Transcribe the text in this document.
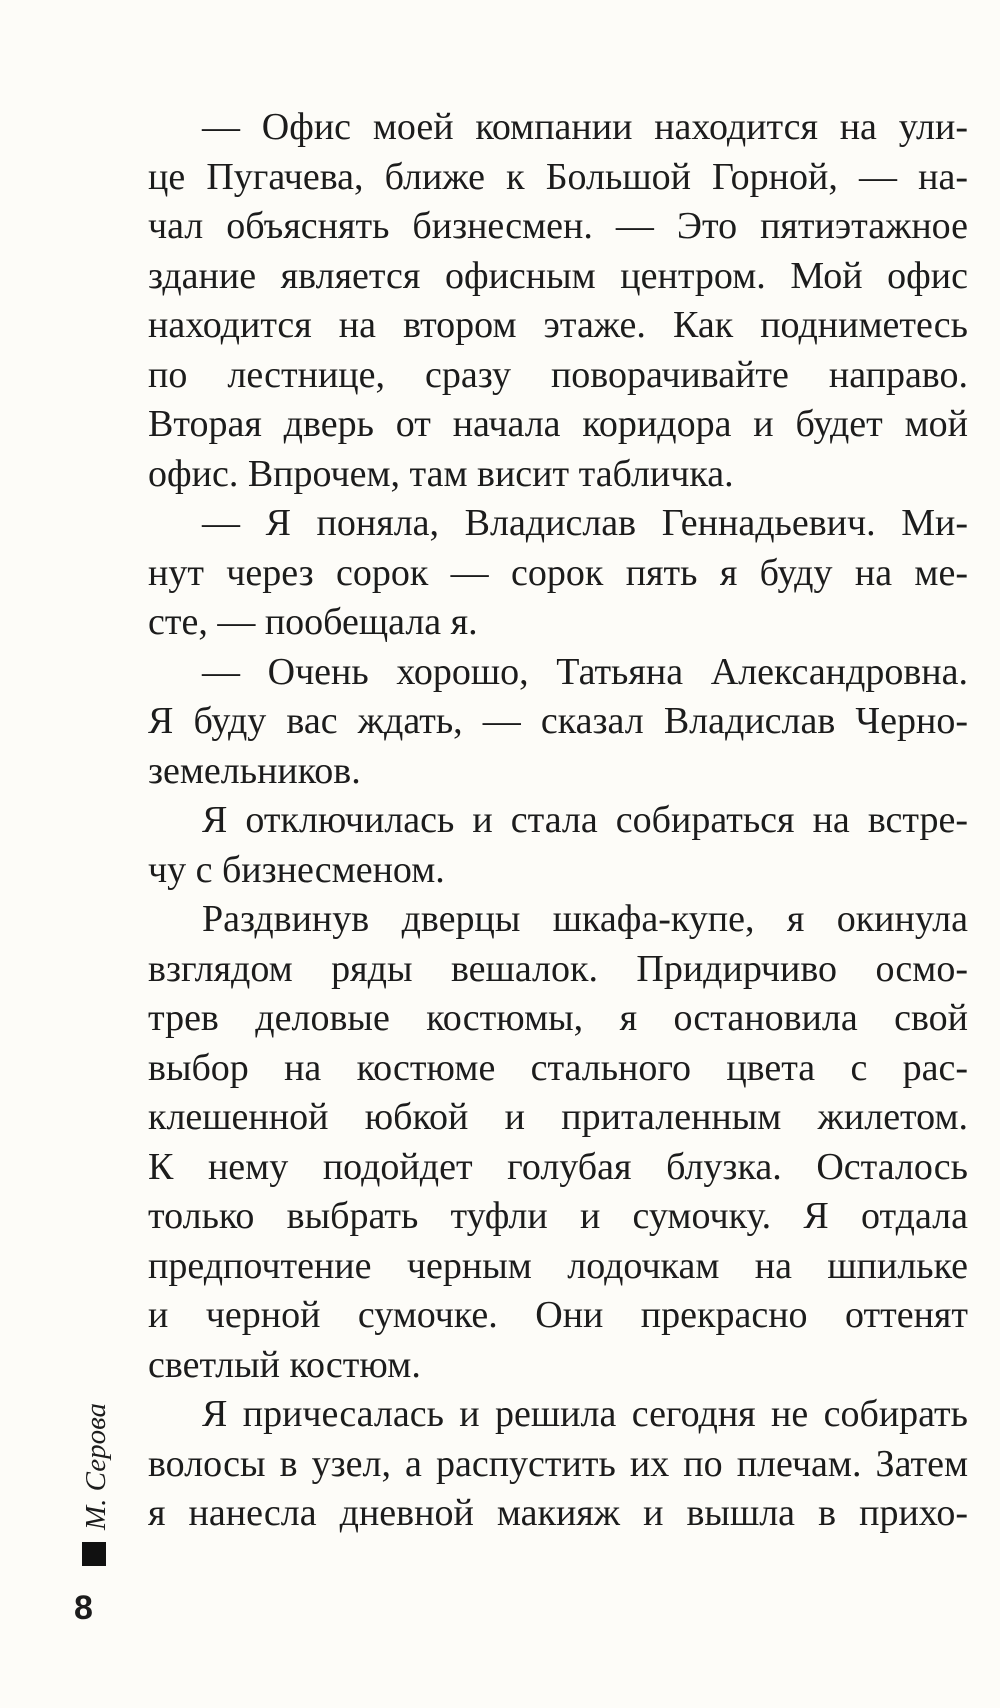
— Офис моей компании находится на ули-
це Пугачева, ближе к Большой Горной, — на-
чал объяснять бизнесмен. — Это пятиэтажное
здание является офисным центром. Мой офис
находится на втором этаже. Как подниметесь
по лестнице, сразу поворачивайте направо.
Вторая дверь от начала коридора и будет мой
офис. Впрочем, там висит табличка.
— Я поняла, Владислав Геннадьевич. Ми-
нут через сорок — сорок пять я буду на ме-
сте, — пообещала я.
— Очень хорошо, Татьяна Александровна.
Я буду вас ждать, — сказал Владислав Черно-
земельников.
Я отключилась и стала собираться на встре-
чу с бизнесменом.
Раздвинув дверцы шкафа-купе, я окинула
взглядом ряды вешалок. Придирчиво осмо-
трев деловые костюмы, я остановила свой
выбор на костюме стального цвета с рас-
клешенной юбкой и приталенным жилетом.
К нему подойдет голубая блузка. Осталось
только выбрать туфли и сумочку. Я отдала
предпочтение черным лодочкам на шпильке
и черной сумочке. Они прекрасно оттенят
светлый костюм.
Я причесалась и решила сегодня не собирать
волосы в узел, а распустить их по плечам. Затем
я нанесла дневной макияж и вышла в прихо-
М. Серова
8
